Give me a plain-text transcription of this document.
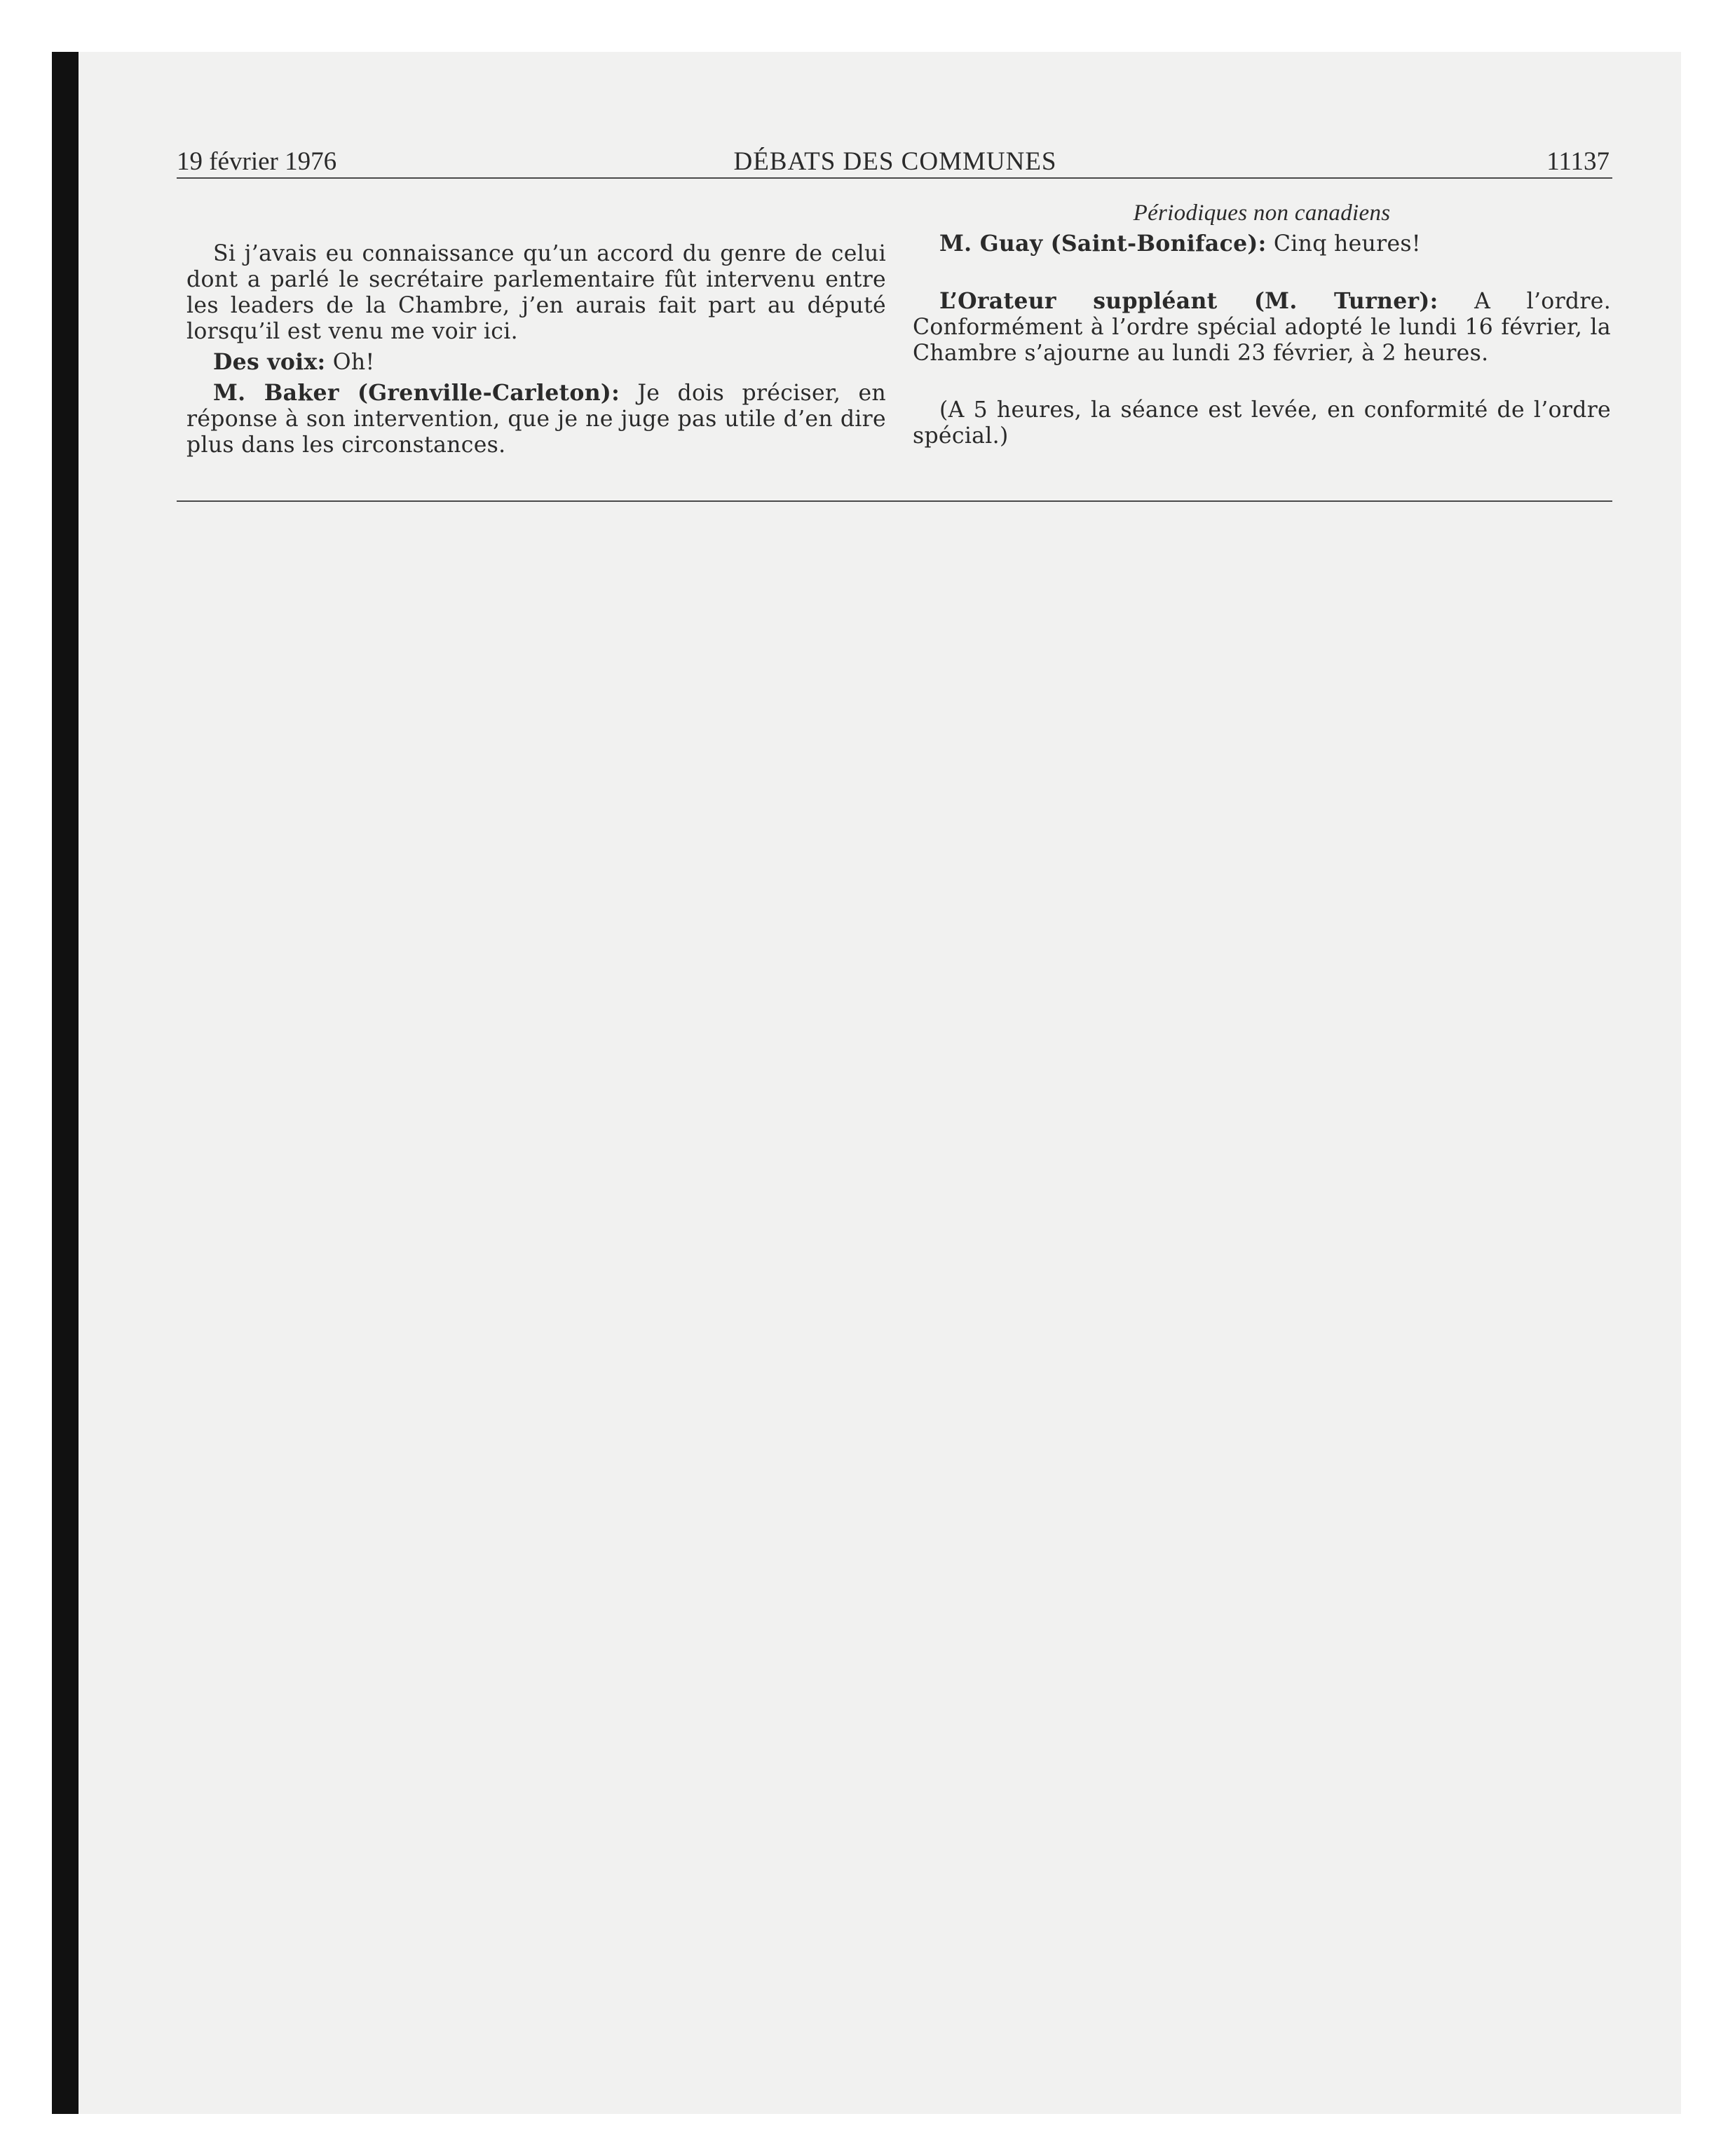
19 février 1976	DÉBATS DES COMMUNES	11137

Si j’avais eu connaissance qu’un accord du genre de celui dont a parlé le secrétaire parlementaire fût intervenu entre les leaders de la Chambre, j’en aurais fait part au député lorsqu’il est venu me voir ici.

Des voix: Oh!

M. Baker (Grenville-Carleton): Je dois préciser, en réponse à son intervention, que je ne juge pas utile d’en dire plus dans les circonstances.

Périodiques non canadiens

M. Guay (Saint-Boniface): Cinq heures!

L’Orateur suppléant (M. Turner): A l’ordre. Conformément à l’ordre spécial adopté le lundi 16 février, la Chambre s’ajourne au lundi 23 février, à 2 heures.

(A 5 heures, la séance est levée, en conformité de l’ordre spécial.)
